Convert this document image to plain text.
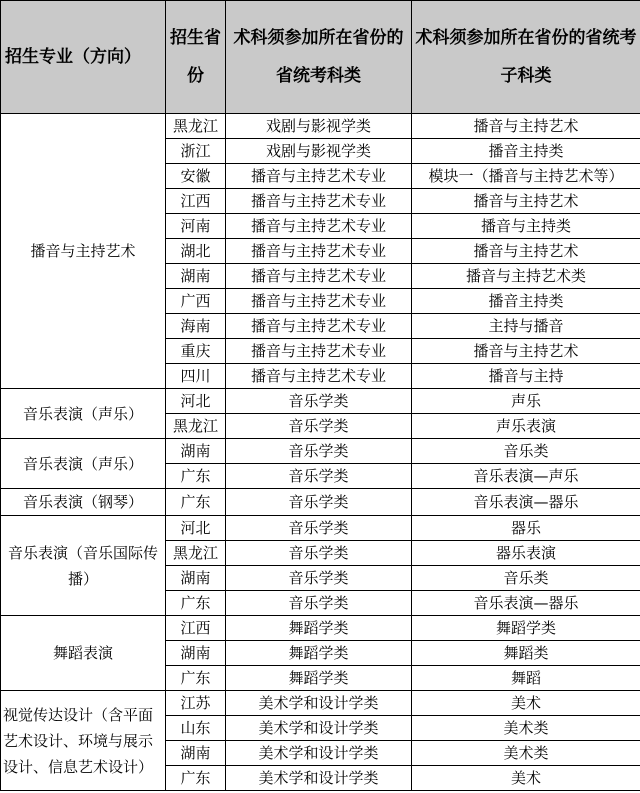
招生专业（方向）	招生省份	术科须参加所在省份的省统考科类	术科须参加所在省份的省统考子科类
播音与主持艺术	黑龙江	戏剧与影视学类	播音与主持艺术
	浙江	戏剧与影视学类	播音主持类
	安徽	播音与主持艺术专业	模块一（播音与主持艺术等）
	江西	播音与主持艺术专业	播音与主持艺术
	河南	播音与主持艺术专业	播音与主持类
	湖北	播音与主持艺术专业	播音与主持艺术
	湖南	播音与主持艺术专业	播音与主持艺术类
	广西	播音与主持艺术专业	播音主持类
	海南	播音与主持艺术专业	主持与播音
	重庆	播音与主持艺术专业	播音与主持艺术
	四川	播音与主持艺术专业	播音与主持
音乐表演（声乐）	河北	音乐学类	声乐
	黑龙江	音乐学类	声乐表演
音乐表演（声乐）	湖南	音乐学类	音乐类
	广东	音乐学类	音乐表演—声乐
音乐表演（钢琴）	广东	音乐学类	音乐表演—器乐
音乐表演（音乐国际传播）	河北	音乐学类	器乐
	黑龙江	音乐学类	器乐表演
	湖南	音乐学类	音乐类
	广东	音乐学类	音乐表演—器乐
舞蹈表演	江西	舞蹈学类	舞蹈学类
	湖南	舞蹈学类	舞蹈类
	广东	舞蹈学类	舞蹈
视觉传达设计（含平面艺术设计、环境与展示设计、信息艺术设计）	江苏	美术学和设计学类	美术
	山东	美术学和设计学类	美术类
	湖南	美术学和设计学类	美术类
	广东	美术学和设计学类	美术
